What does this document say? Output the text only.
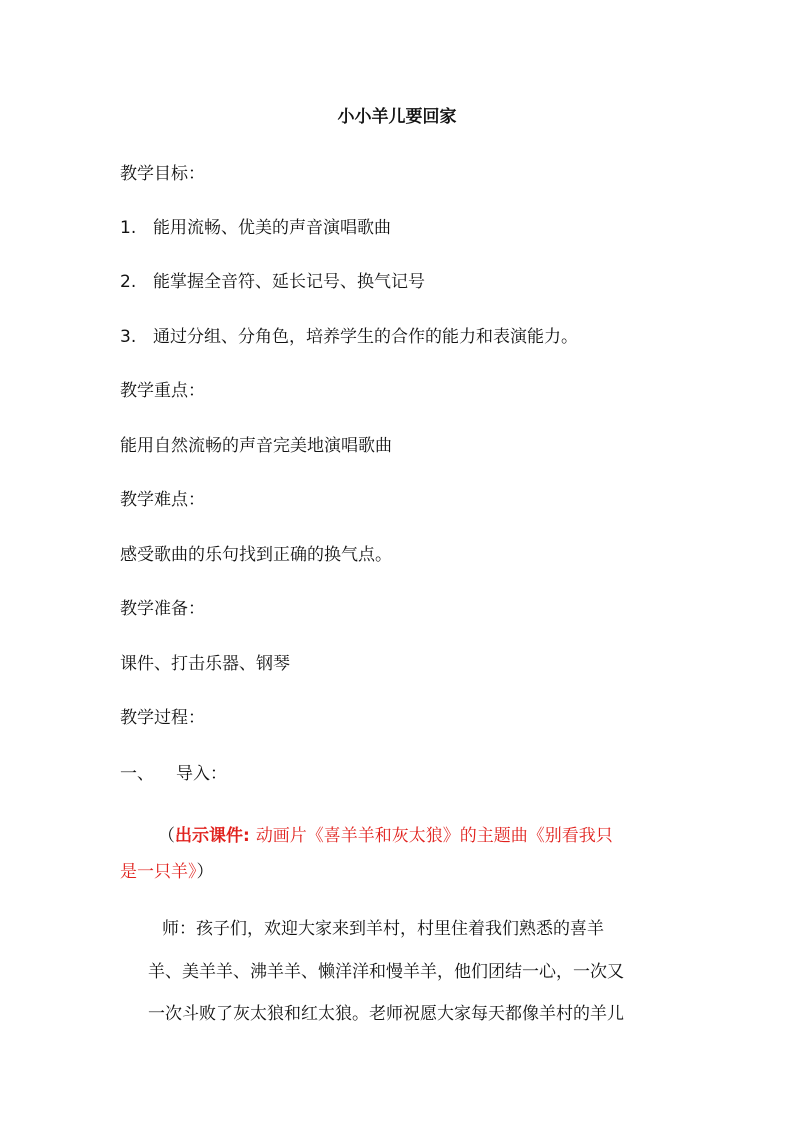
小小羊儿要回家
教学目标：
1. 能用流畅、优美的声音演唱歌曲
2. 能掌握全音符、延长记号、换气记号
3. 通过分组、分角色，培养学生的合作的能力和表演能力。
教学重点：
能用自然流畅的声音完美地演唱歌曲
教学难点：
感受歌曲的乐句找到正确的换气点。
教学准备：
课件、打击乐器、钢琴
教学过程：
一、 导入：
（出示课件: 动画片《喜羊羊和灰太狼》的主题曲《别看我只
是一只羊》）
师：孩子们，欢迎大家来到羊村，村里住着我们熟悉的喜羊
羊、美羊羊、沸羊羊、懒洋洋和慢羊羊，他们团结一心，一次又
一次斗败了灰太狼和红太狼。老师祝愿大家每天都像羊村的羊儿
